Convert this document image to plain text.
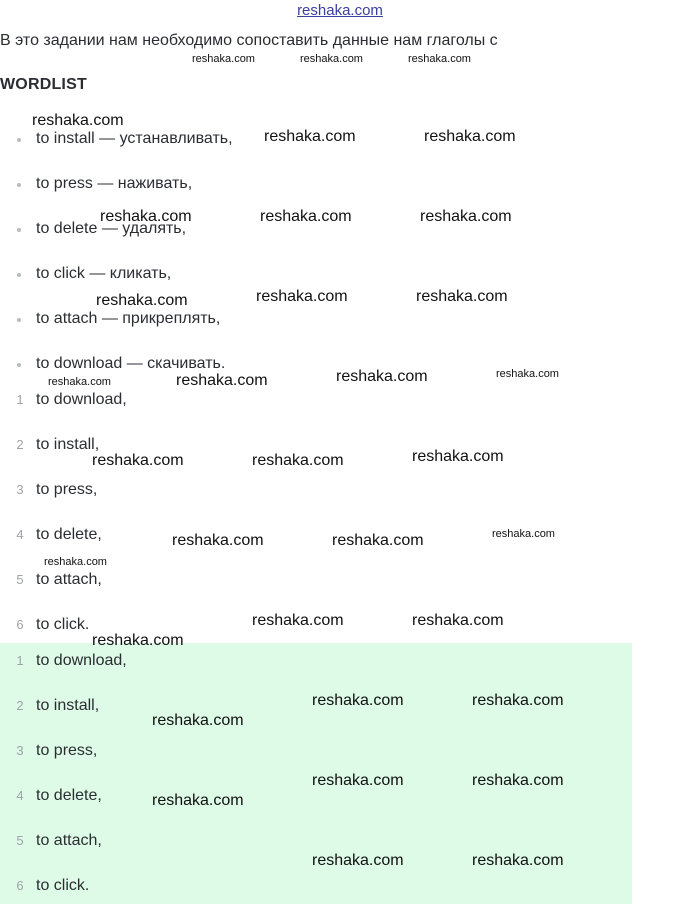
reshaka.com
В это задании нам необходимо сопоставить данные нам глаголы с
WORDLIST
to install — устанавливать,
to press — наживать,
to delete — удалять,
to click — кликать,
to attach — прикреплять,
to download — скачивать.
1 to download,
2 to install,
3 to press,
4 to delete,
5 to attach,
6 to click.
1 to download,
2 to install,
3 to press,
4 to delete,
5 to attach,
6 to click.
reshaka.com	reshaka.com	reshaka.com
reshaka.com
reshaka.com	reshaka.com
reshaka.com	reshaka.com	reshaka.com
reshaka.com	reshaka.com	reshaka.com
reshaka.com	reshaka.com	reshaka.com	reshaka.com
reshaka.com	reshaka.com	reshaka.com
reshaka.com	reshaka.com	reshaka.com
reshaka.com
reshaka.com	reshaka.com
reshaka.com
reshaka.com	reshaka.com
reshaka.com
reshaka.com	reshaka.com
reshaka.com
reshaka.com	reshaka.com
